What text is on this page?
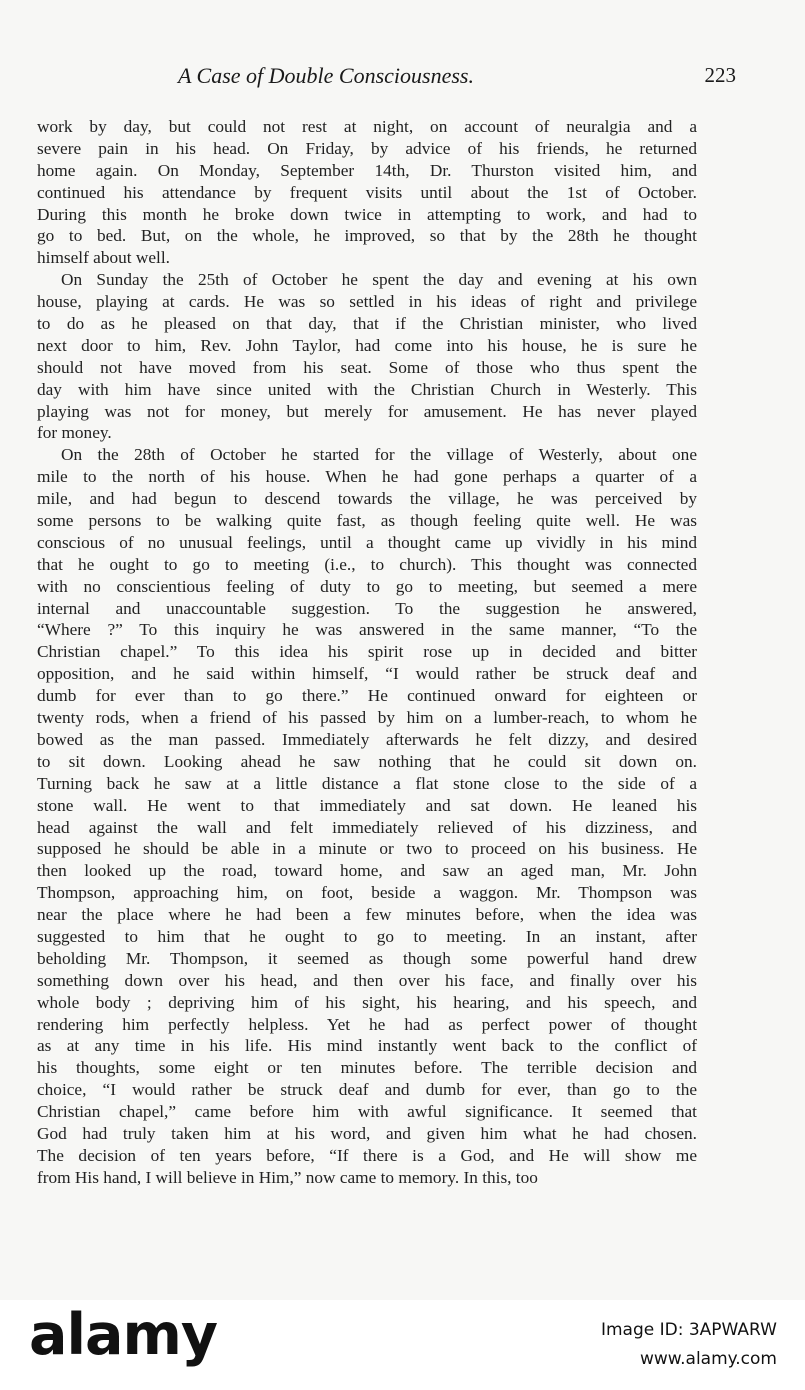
A Case of Double Consciousness.	223
work by day, but could not rest at night, on account of neuralgia and a
severe pain in his head. On Friday, by advice of his friends, he returned
home again. On Monday, September 14th, Dr. Thurston visited him, and
continued his attendance by frequent visits until about the 1st of October.
During this month he broke down twice in attempting to work, and had to
go to bed. But, on the whole, he improved, so that by the 28th he thought
himself about well.
On Sunday the 25th of October he spent the day and evening at his own
house, playing at cards. He was so settled in his ideas of right and privilege
to do as he pleased on that day, that if the Christian minister, who lived
next door to him, Rev. John Taylor, had come into his house, he is sure he
should not have moved from his seat. Some of those who thus spent the
day with him have since united with the Christian Church in Westerly. This
playing was not for money, but merely for amusement. He has never played
for money.
On the 28th of October he started for the village of Westerly, about one
mile to the north of his house. When he had gone perhaps a quarter of a
mile, and had begun to descend towards the village, he was perceived by
some persons to be walking quite fast, as though feeling quite well. He was
conscious of no unusual feelings, until a thought came up vividly in his mind
that he ought to go to meeting (i.e., to church). This thought was connected
with no conscientious feeling of duty to go to meeting, but seemed a mere
internal and unaccountable suggestion. To the suggestion he answered,
“Where ?” To this inquiry he was answered in the same manner, “To the
Christian chapel.” To this idea his spirit rose up in decided and bitter
opposition, and he said within himself, “I would rather be struck deaf and
dumb for ever than to go there.” He continued onward for eighteen or
twenty rods, when a friend of his passed by him on a lumber-reach, to whom he
bowed as the man passed. Immediately afterwards he felt dizzy, and desired
to sit down. Looking ahead he saw nothing that he could sit down on.
Turning back he saw at a little distance a flat stone close to the side of a
stone wall. He went to that immediately and sat down. He leaned his
head against the wall and felt immediately relieved of his dizziness, and
supposed he should be able in a minute or two to proceed on his business. He
then looked up the road, toward home, and saw an aged man, Mr. John
Thompson, approaching him, on foot, beside a waggon. Mr. Thompson was
near the place where he had been a few minutes before, when the idea was
suggested to him that he ought to go to meeting. In an instant, after
beholding Mr. Thompson, it seemed as though some powerful hand drew
something down over his head, and then over his face, and finally over his
whole body ; depriving him of his sight, his hearing, and his speech, and
rendering him perfectly helpless. Yet he had as perfect power of thought
as at any time in his life. His mind instantly went back to the conflict of
his thoughts, some eight or ten minutes before. The terrible decision and
choice, “I would rather be struck deaf and dumb for ever, than go to the
Christian chapel,” came before him with awful significance. It seemed that
God had truly taken him at his word, and given him what he had chosen.
The decision of ten years before, “If there is a God, and He will show me
from His hand, I will believe in Him,” now came to memory. In this, too
alamy	Image ID: 3APWARW
www.alamy.com
